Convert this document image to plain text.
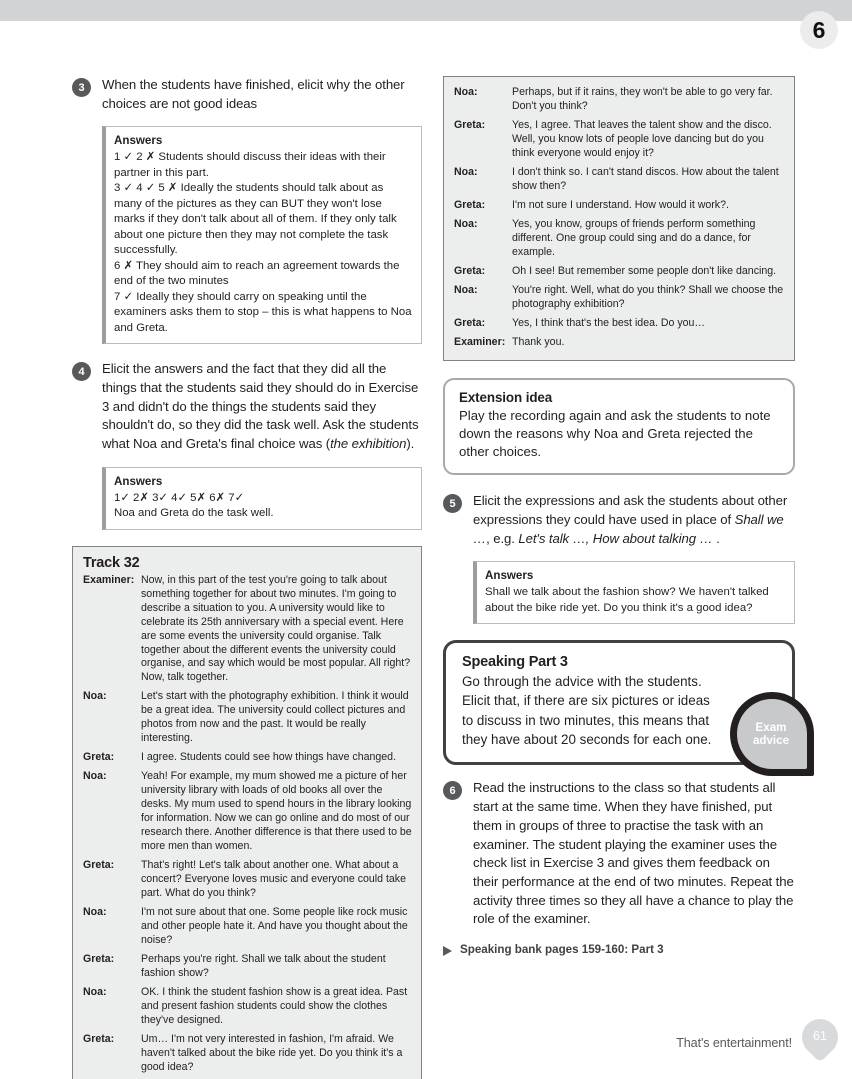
6
3	When the students have finished, elicit why the other choices are not good ideas
Answers
1 ✓ 2 ✗ Students should discuss their ideas with their partner in this part.
3 ✓ 4 ✓ 5 ✗ Ideally the students should talk about as many of the pictures as they can BUT they won't lose marks if they don't talk about all of them. If they only talk about one picture then they may not complete the task successfully.
6 ✗ They should aim to reach an agreement towards the end of the two minutes
7 ✓ Ideally they should carry on speaking until the examiners asks them to stop – this is what happens to Noa and Greta.
4	Elicit the answers and the fact that they did all the things that the students said they should do in Exercise 3 and didn't do the things the students said they shouldn't do, so they did the task well. Ask the students what Noa and Greta's final choice was (the exhibition).
Answers
1✓ 2✗ 3✓ 4✓ 5✗ 6✗ 7✓
Noa and Greta do the task well.
Track 32
Examiner: Now, in this part of the test you're going to talk about something together for about two minutes. I'm going to describe a situation to you. A university would like to celebrate its 25th anniversary with a special event. Here are some events the university could organise. Talk together about the different events the university could organise, and say which would be most popular. All right? Now, talk together.
Noa:	Let's start with the photography exhibition. I think it would be a great idea. The university could collect pictures and photos from now and the past. It would be really interesting.
Greta:	I agree. Students could see how things have changed.
Noa:	Yeah! For example, my mum showed me a picture of her university library with loads of old books all over the desks. My mum used to spend hours in the library looking for information. Now we can go online and do most of our research there. Another difference is that there used to be more men than women.
Greta:	That's right! Let's talk about another one. What about a concert? Everyone loves music and everyone could take part. What do you think?
Noa:	I'm not sure about that one. Some people like rock music and other people hate it. And have you thought about the noise?
Greta:	Perhaps you're right. Shall we talk about the student fashion show?
Noa:	OK. I think the student fashion show is a great idea. Past and present fashion students could show the clothes they've designed.
Greta:	Um… I'm not very interested in fashion, I'm afraid. We haven't talked about the bike ride yet. Do you think it's a good idea?
Noa:	Perhaps, but if it rains, they won't be able to go very far. Don't you think?
Greta:	Yes, I agree. That leaves the talent show and the disco. Well, you know lots of people love dancing but do you think everyone would enjoy it?
Noa:	I don't think so. I can't stand discos. How about the talent show then?
Greta:	I'm not sure I understand. How would it work?.
Noa:	Yes, you know, groups of friends perform something different. One group could sing and do a dance, for example.
Greta:	Oh I see! But remember some people don't like dancing.
Noa:	You're right. Well, what do you think? Shall we choose the photography exhibition?
Greta:	Yes, I think that's the best idea. Do you…
Examiner: Thank you.
Extension idea
Play the recording again and ask the students to note down the reasons why Noa and Greta rejected the other choices.
5	Elicit the expressions and ask the students about other expressions they could have used in place of Shall we …, e.g. Let's talk …, How about talking … .
Answers
Shall we talk about the fashion show? We haven't talked about the bike ride yet. Do you think it's a good idea?
Speaking Part 3
Go through the advice with the students. Elicit that, if there are six pictures or ideas to discuss in two minutes, this means that they have about 20 seconds for each one.
Exam
advice
6	Read the instructions to the class so that students all start at the same time. When they have finished, put them in groups of three to practise the task with an examiner. The student playing the examiner uses the check list in Exercise 3 and gives them feedback on their performance at the end of two minutes. Repeat the activity three times so they all have a chance to play the role of the examiner.
Speaking bank pages 159-160: Part 3
That's entertainment!	61
